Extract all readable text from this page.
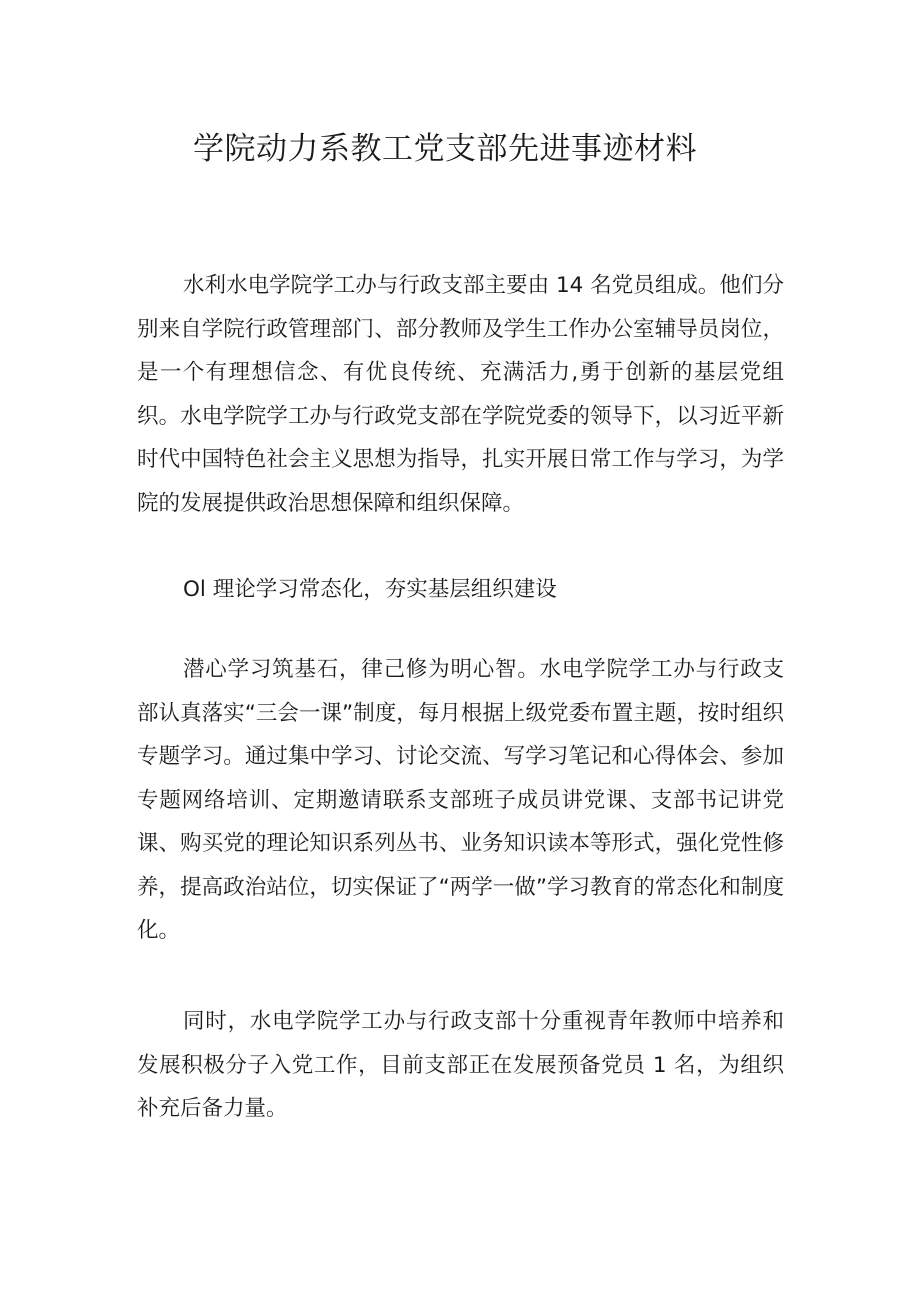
学院动力系教工党支部先进事迹材料

水利水电学院学工办与行政支部主要由 14 名党员组成。他们分别来自学院行政管理部门、部分教师及学生工作办公室辅导员岗位，是一个有理想信念、有优良传统、充满活力,勇于创新的基层党组织。水电学院学工办与行政党支部在学院党委的领导下，以习近平新时代中国特色社会主义思想为指导，扎实开展日常工作与学习，为学院的发展提供政治思想保障和组织保障。

Ol 理论学习常态化，夯实基层组织建设

潜心学习筑基石，律己修为明心智。水电学院学工办与行政支部认真落实“三会一课”制度，每月根据上级党委布置主题，按时组织专题学习。通过集中学习、讨论交流、写学习笔记和心得体会、参加专题网络培训、定期邀请联系支部班子成员讲党课、支部书记讲党课、购买党的理论知识系列丛书、业务知识读本等形式，强化党性修养，提高政治站位，切实保证了“两学一做”学习教育的常态化和制度化。

同时，水电学院学工办与行政支部十分重视青年教师中培养和发展积极分子入党工作，目前支部正在发展预备党员 1 名，为组织补充后备力量。
